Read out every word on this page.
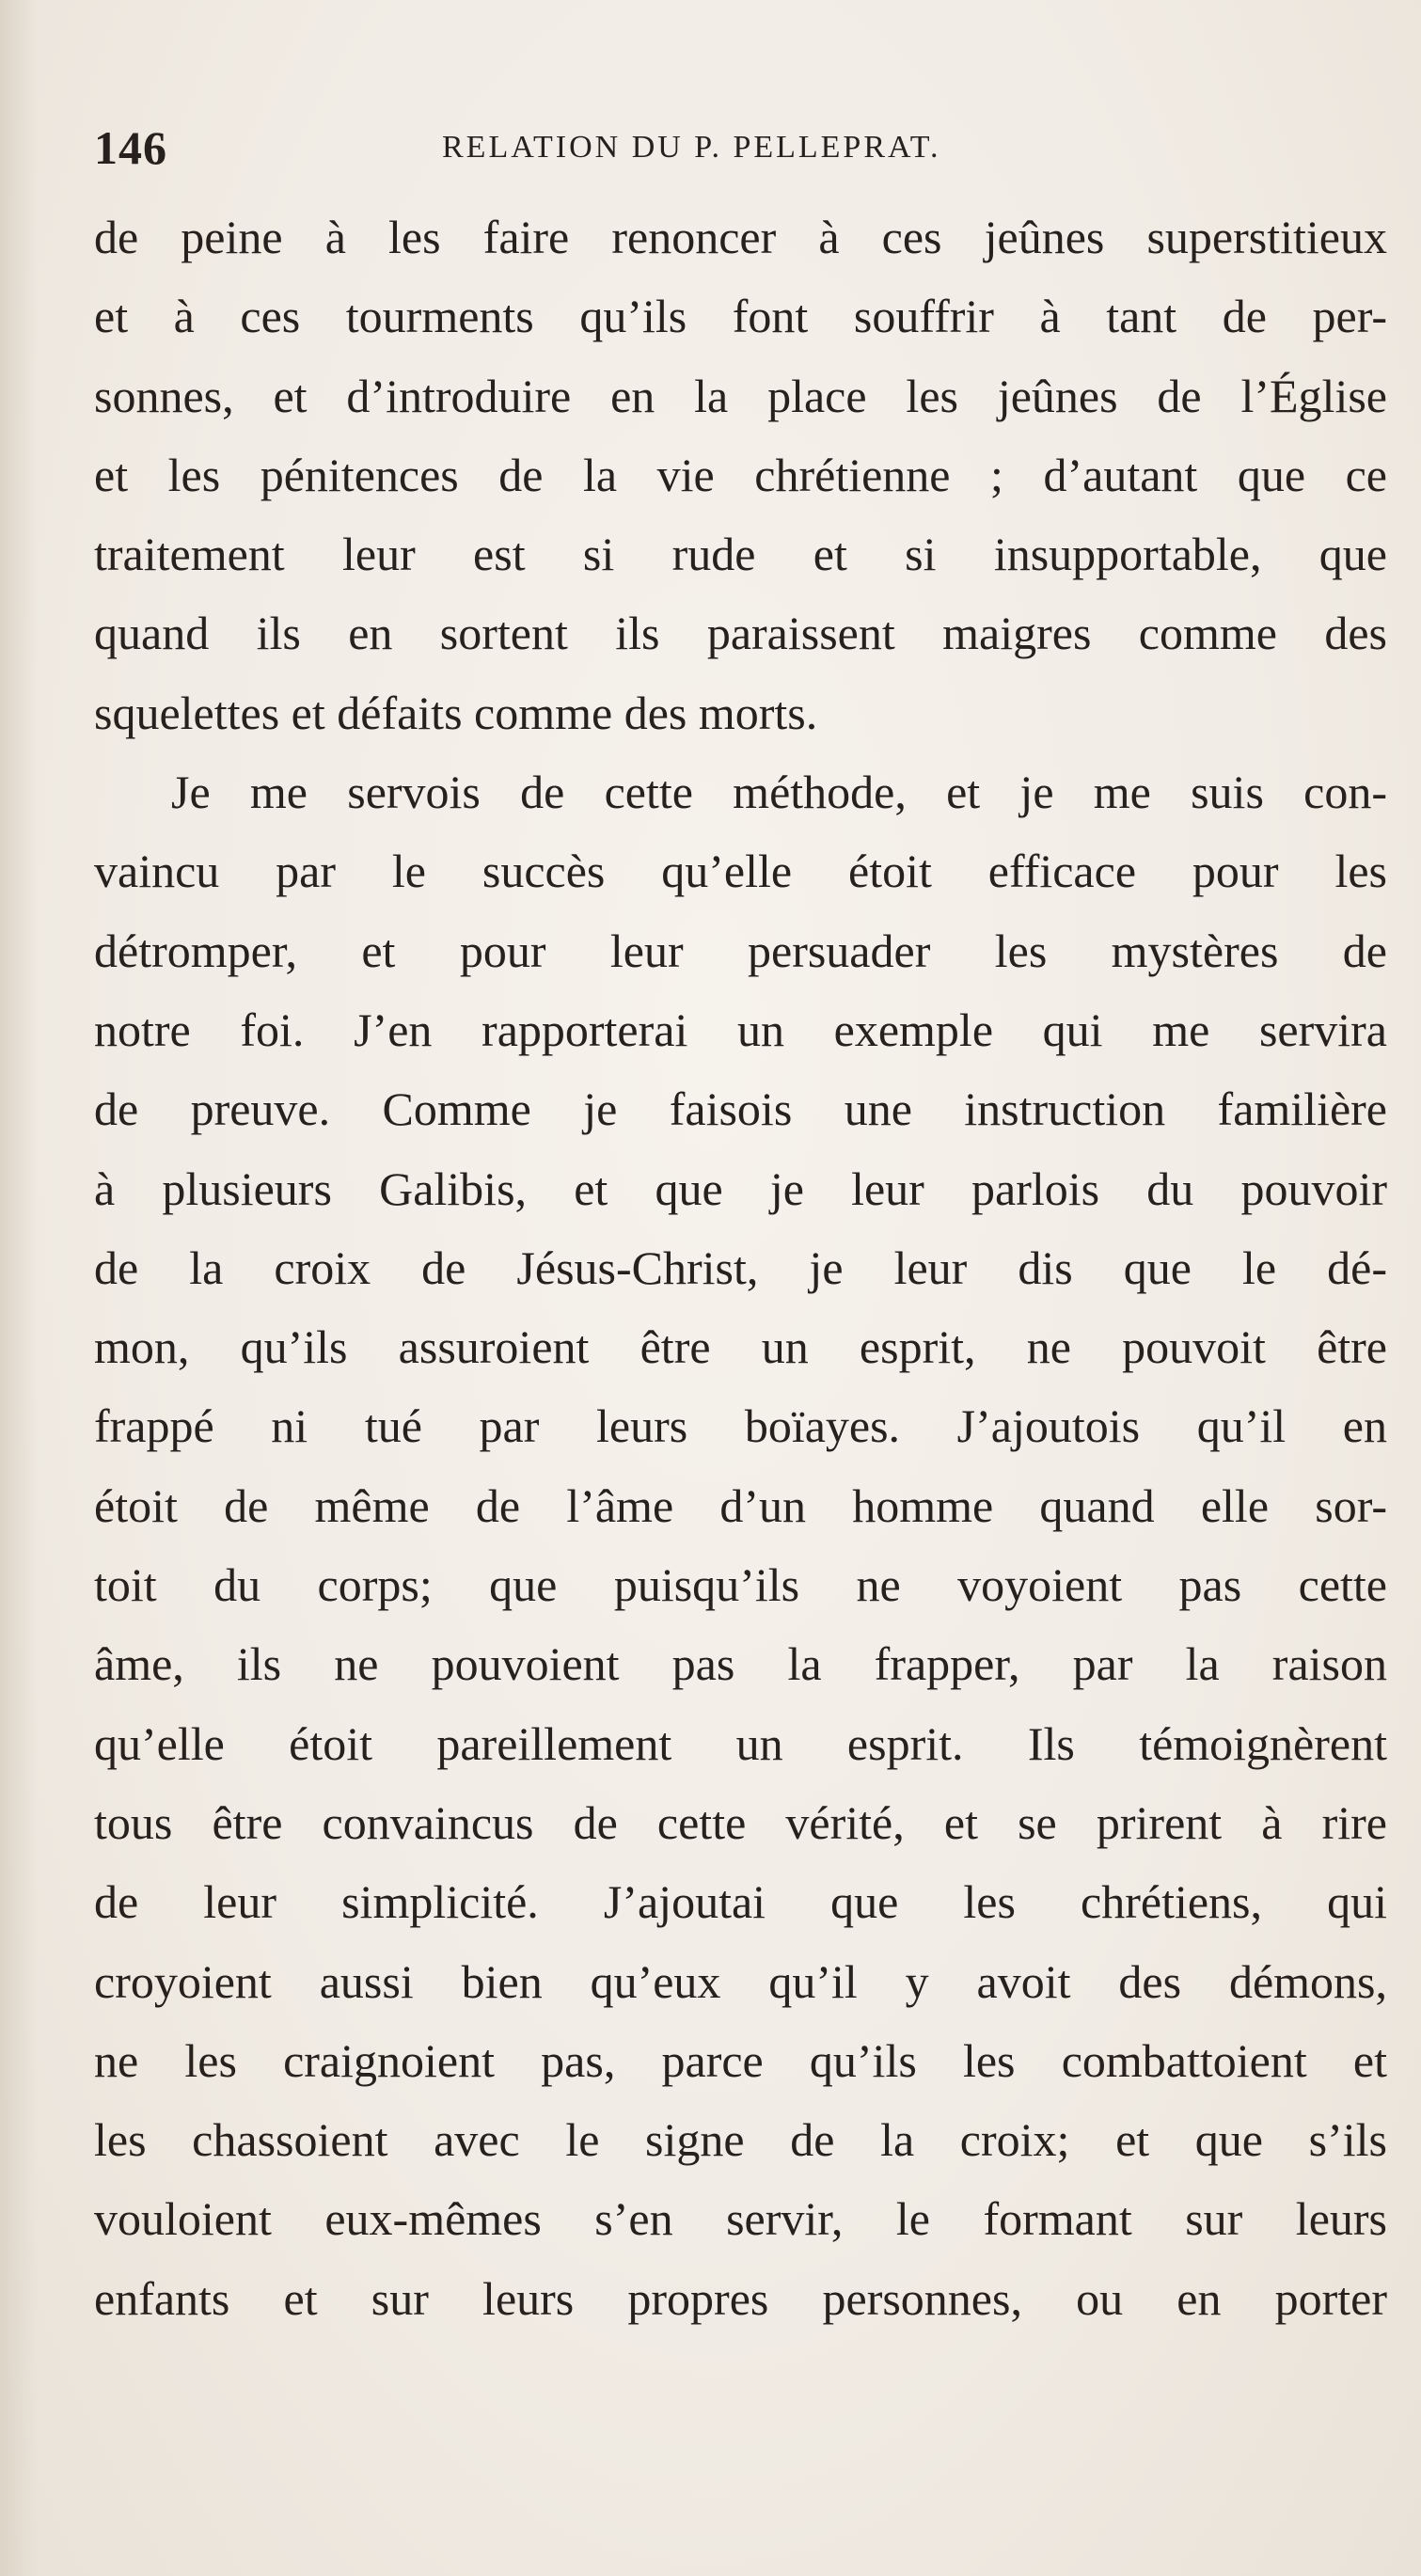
146	RELATION DU P. PELLEPRAT.
de peine à les faire renoncer à ces jeûnes superstitieux
et à ces tourments qu’ils font souffrir à tant de per-
sonnes, et d’introduire en la place les jeûnes de l’Église
et les pénitences de la vie chrétienne ; d’autant que ce
traitement leur est si rude et si insupportable, que
quand ils en sortent ils paraissent maigres comme des
squelettes et défaits comme des morts.
Je me servois de cette méthode, et je me suis con-
vaincu par le succès qu’elle étoit efficace pour les
détromper, et pour leur persuader les mystères de
notre foi. J’en rapporterai un exemple qui me servira
de preuve. Comme je faisois une instruction familière
à plusieurs Galibis, et que je leur parlois du pouvoir
de la croix de Jésus-Christ, je leur dis que le dé-
mon, qu’ils assuroient être un esprit, ne pouvoit être
frappé ni tué par leurs boïayes. J’ajoutois qu’il en
étoit de même de l’âme d’un homme quand elle sor-
toit du corps; que puisqu’ils ne voyoient pas cette
âme, ils ne pouvoient pas la frapper, par la raison
qu’elle étoit pareillement un esprit. Ils témoignèrent
tous être convaincus de cette vérité, et se prirent à rire
de leur simplicité. J’ajoutai que les chrétiens, qui
croyoient aussi bien qu’eux qu’il y avoit des démons,
ne les craignoient pas, parce qu’ils les combattoient et
les chassoient avec le signe de la croix; et que s’ils
vouloient eux-mêmes s’en servir, le formant sur leurs
enfants et sur leurs propres personnes, ou en porter
